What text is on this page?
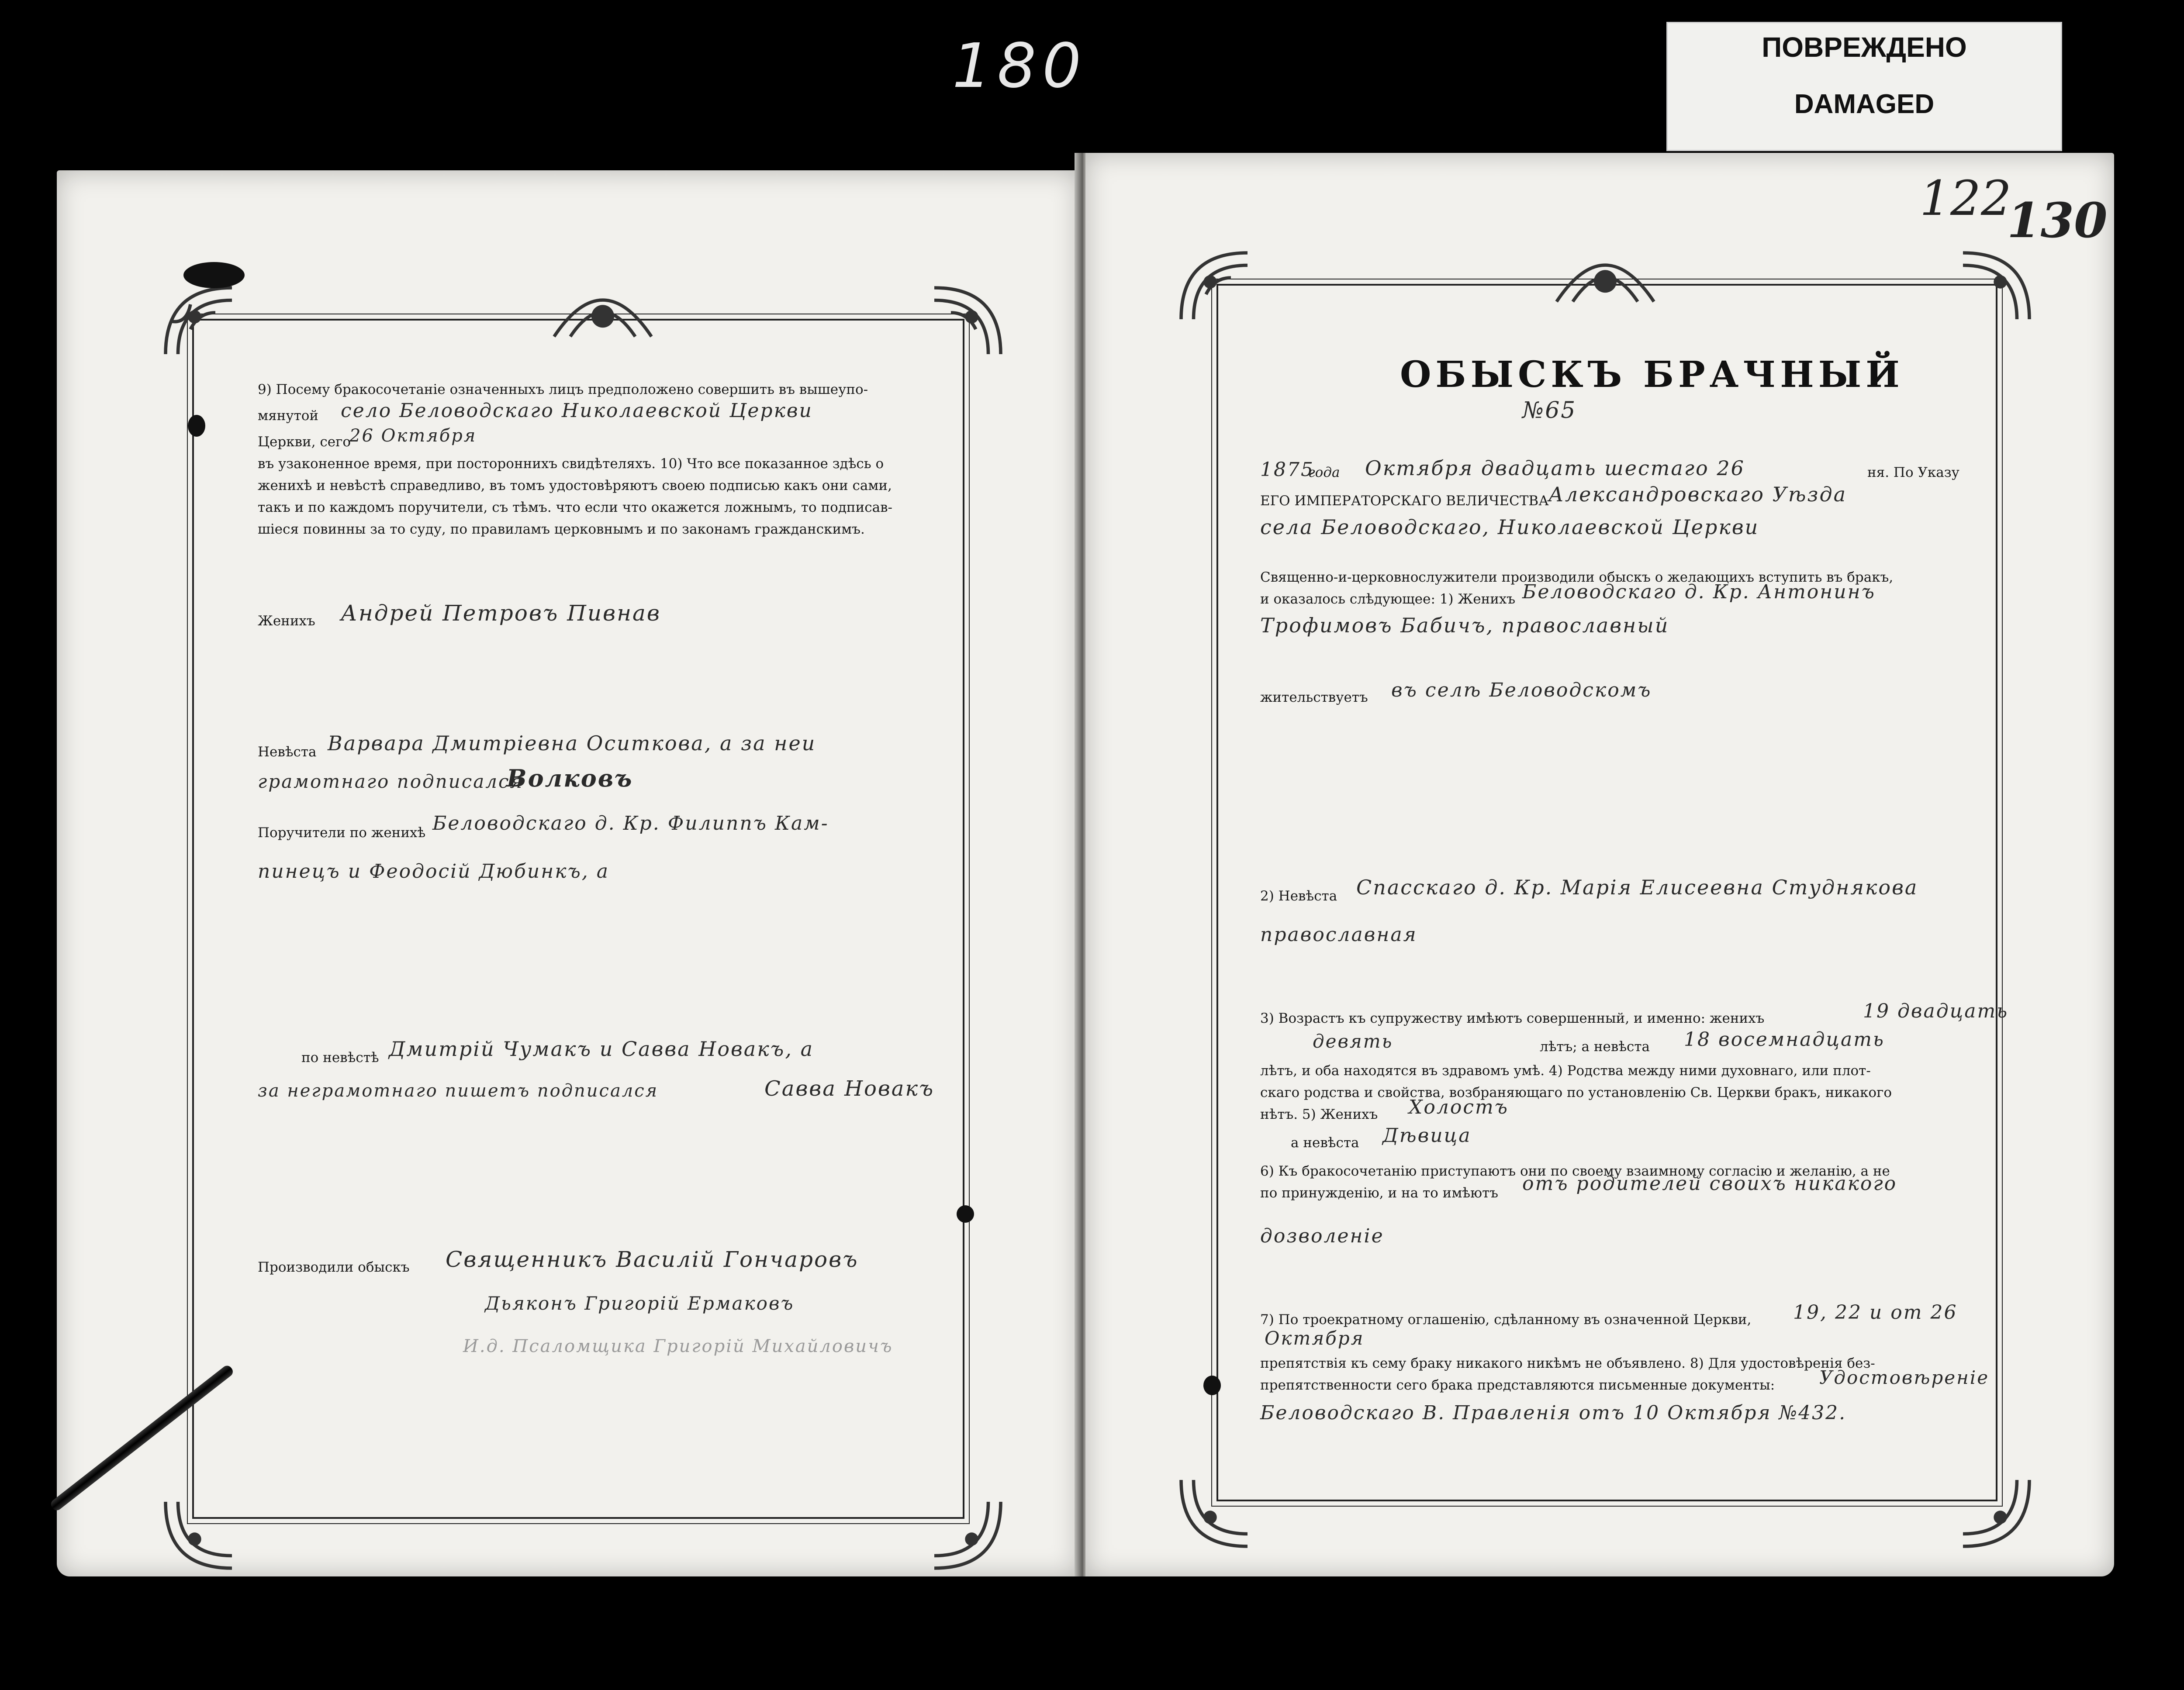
180	ПОВРЕЖДЕНО
DAMAGED
9) Посему бракосочетаніе означенныхъ лицъ предположено совершить въ вышеупо-
мянутой село Беловодскаго Николаевской Церкви
Церкви, сего
26 Октября
въ узаконенное время, при постороннихъ свидѣтеляхъ. 10) Что все показанное здѣсь о
женихѣ и невѣстѣ справедливо, въ томъ удостовѣряютъ своею подписью какъ они сами,
такъ и по каждомъ поручители, съ тѣмъ. что если что окажется ложнымъ, то подписав-
шіеся повинны за то суду, по правиламъ церковнымъ и по законамъ гражданскимъ.
Женихъ Андрей Петровъ Пивнав
Невѣста Варвара Дмитріевна Оситкова, а за неи
грамотнаго подписался
Волковъ
Поручители по женихѣ Беловодскаго д. Кр. Филиппъ Кам-
пинецъ и Феодосій Дюбинкъ, а
по невѣстѣ Дмитрій Чумакъ и Савва Новакъ, а
за неграмотнаго пишетъ подписался	Савва Новакъ
Производили обыскъ Священникъ Василій Гончаровъ
Дьяконъ Григорій Ермаковъ
И.д. Псаломщика Григорій Михайловичъ
122
130
ОБЫСКЪ БРАЧНЫЙ
№65
1875
года Октября двадцать шестаго 26	ня. По Указу
ЕГО ИМПЕРАТОРСКАГО ВЕЛИЧЕСТВА Александровскаго Уѣзда
села Беловодскаго, Николаевской Церкви
Священно-и-церковнослужители производили обыскъ о желающихъ вступить въ бракъ,
и оказалось слѣдующее: 1) Женихъ Беловодскаго д. Кр. Антонинъ
Трофимовъ Бабичъ, православный
жительствуетъ въ селѣ Беловодскомъ
2) Невѣста Спасскаго д. Кр. Марія Елисеевна Студнякова
православная
3) Возрастъ къ супружеству имѣютъ совершенный, и именно: женихъ	19 двадцать
девять	лѣтъ; а невѣста 18 восемнадцать
лѣтъ, и оба находятся въ здравомъ умѣ. 4) Родства между ними духовнаго, или плот-
скаго родства и свойства, возбраняющаго по установленію Св. Церкви бракъ, никакого
нѣтъ. 5) Женихъ Холостъ
а невѣста Дѣвица
6) Къ бракосочетанію приступаютъ они по своему взаимному согласію и желанію, а не
по принужденію, и на то имѣютъ отъ родителей своихъ никакого
дозволеніе
7) По троекратному оглашенію, сдѣланному въ означенной Церкви, 19, 22 и от 26
Октября
препятствія къ сему браку никакого никѣмъ не объявлено. 8) Для удостовѣренія без-
препятственности сего брака представляются письменные документы: Удостовѣреніе
Беловодскаго В. Правленія отъ 10 Октября №432.
